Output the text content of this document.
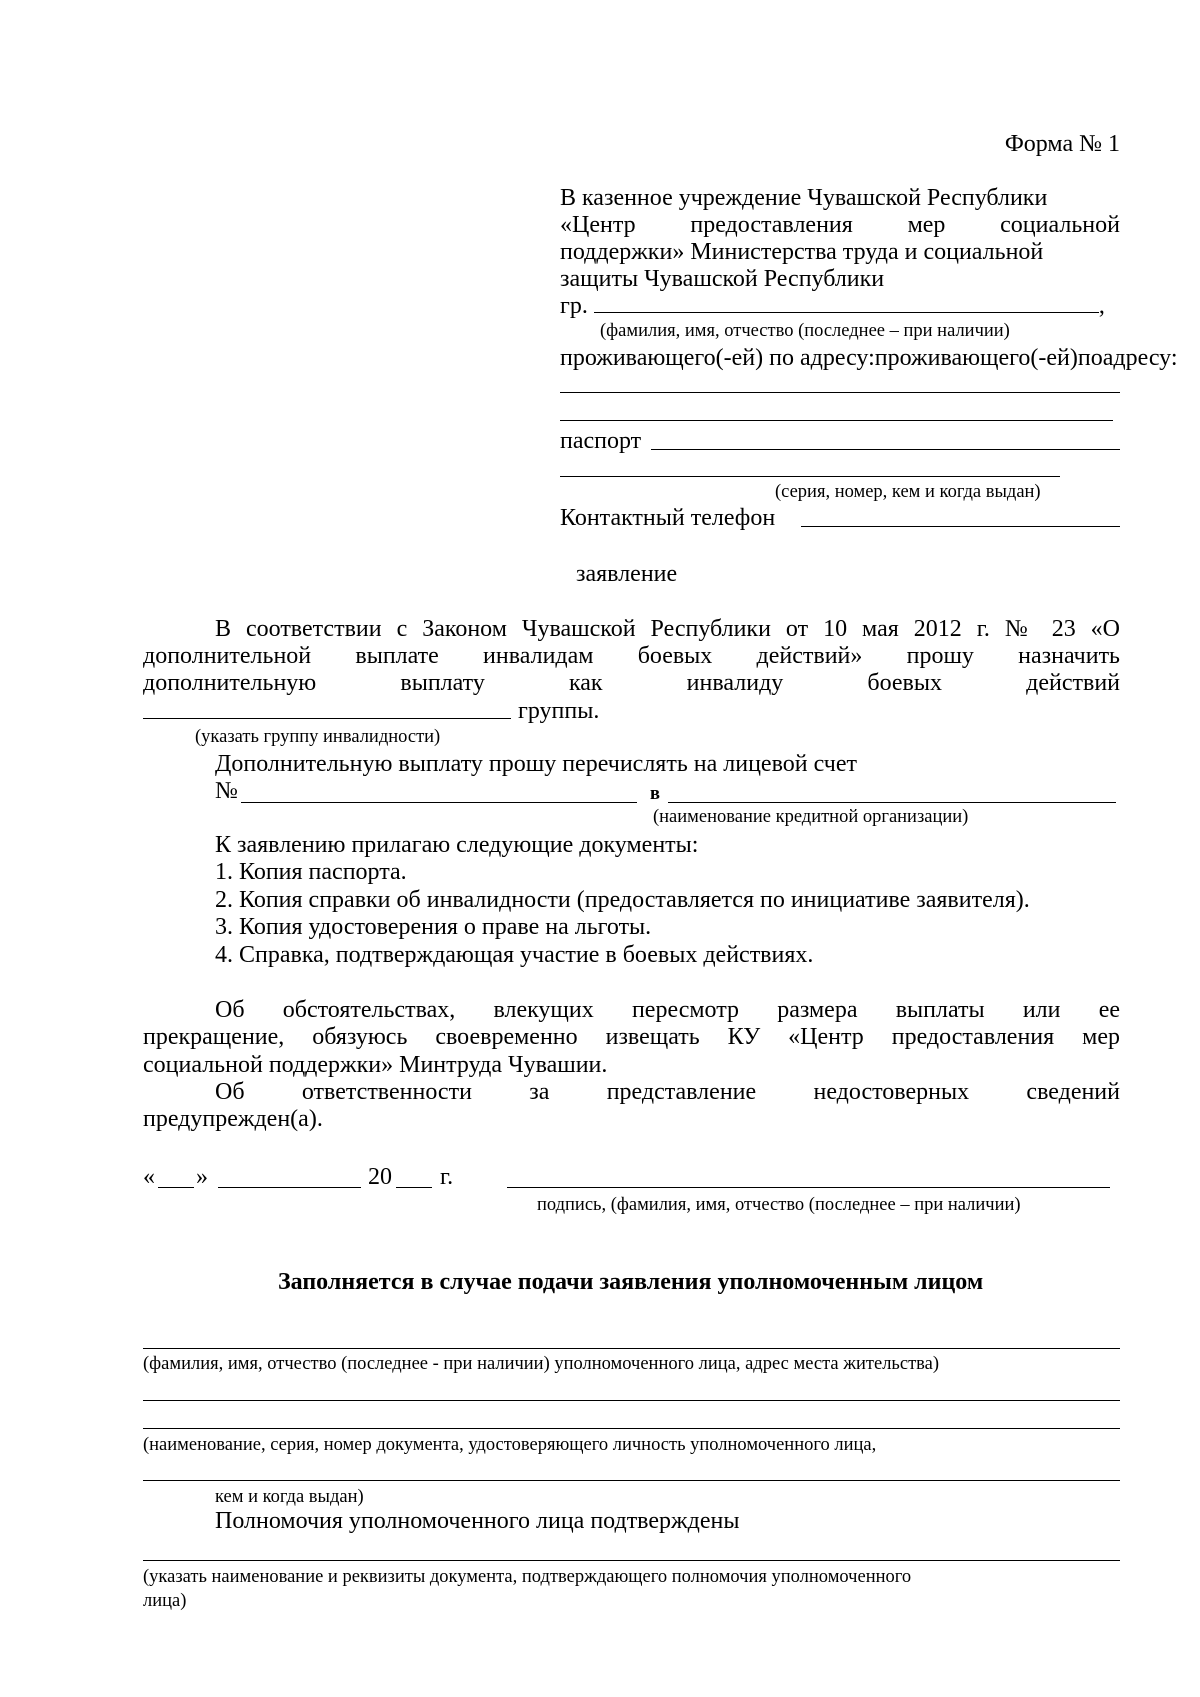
Форма № 1

В казенное учреждение Чувашской Республики

«Центр предоставления мер социальной

поддержки» Министерства труда и социальной

защиты Чувашской Республики

гр.	,

(фамилия, имя, отчество (последнее – при наличии)

проживающего(-ей) по адресу: проживающего(-ей) по адресу:

паспорт

(серия, номер, кем и когда выдан)

Контактный телефон

заявление

В соответствии с Законом Чувашской Республики от 10 мая 2012 г. № 23 «О

дополнительной выплате инвалидам боевых действий» прошу назначить

дополнительную выплату как инвалиду боевых действий

группы.

(указать группу инвалидности)

Дополнительную выплату прошу перечислять на лицевой счет

№	в

(наименование кредитной организации)

К заявлению прилагаю следующие документы:

1. Копия паспорта.

2. Копия справки об инвалидности (предоставляется по инициативе заявителя).

3. Копия удостоверения о праве на льготы.

4. Справка, подтверждающая участие в боевых действиях.

Об обстоятельствах, влекущих пересмотр размера выплаты или ее

прекращение, обязуюсь своевременно извещать КУ «Центр предоставления мер

социальной поддержки» Минтруда Чувашии.

Об ответственности за представление недостоверных сведений

предупрежден(а).

« »	20 г.

подпись, (фамилия, имя, отчество (последнее – при наличии)

Заполняется в случае подачи заявления уполномоченным лицом

(фамилия, имя, отчество (последнее - при наличии) уполномоченного лица, адрес места жительства)

(наименование, серия, номер документа, удостоверяющего личность уполномоченного лица,

кем и когда выдан)

Полномочия уполномоченного лица подтверждены

(указать наименование и реквизиты документа, подтверждающего полномочия уполномоченного

лица)
